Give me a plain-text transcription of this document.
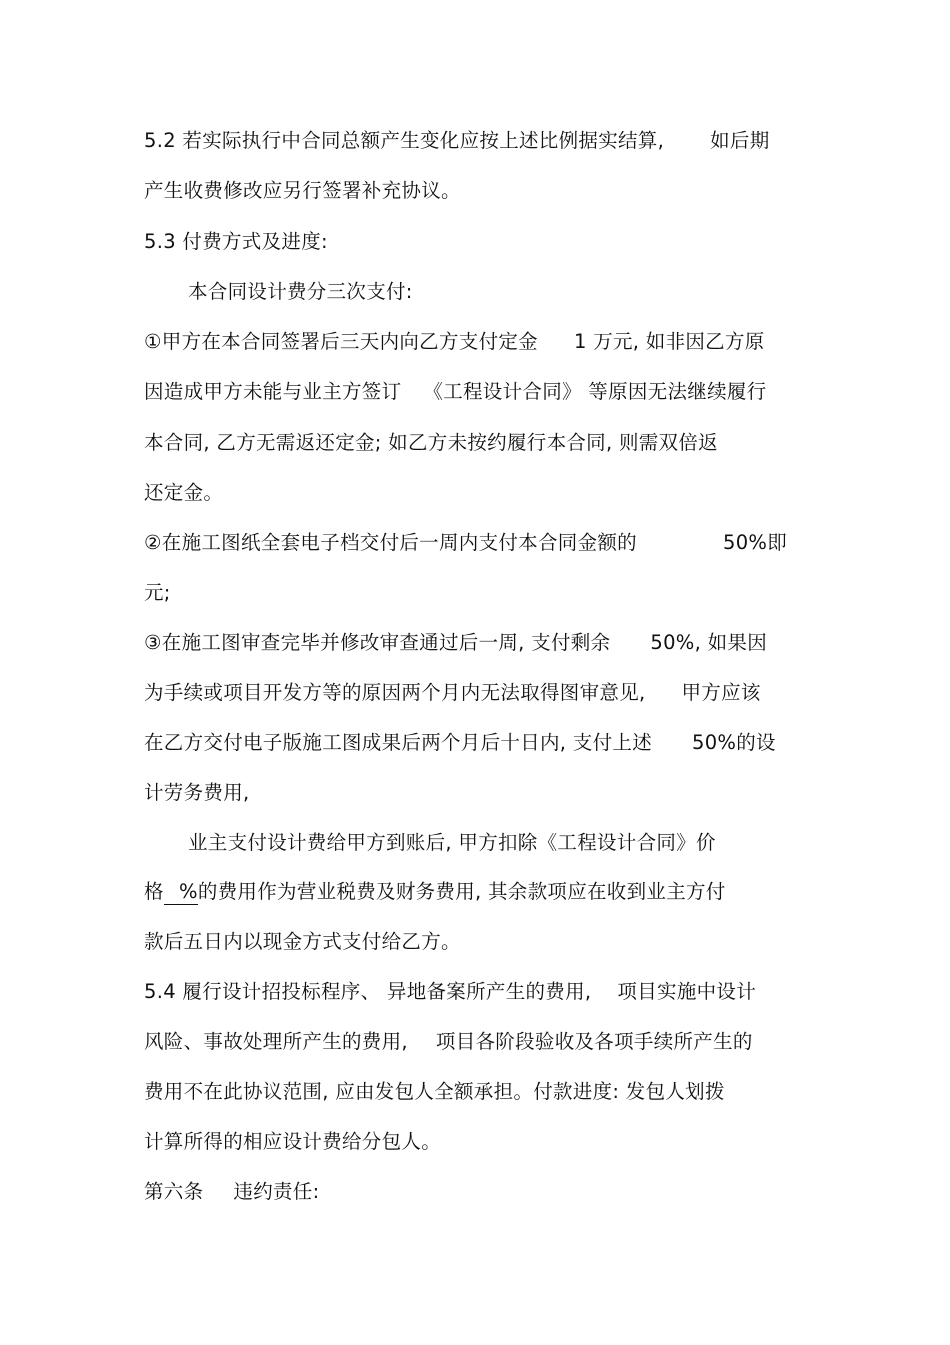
5.2 若实际执行中合同总额产生变化应按上述比例据实结算, 如后期
产生收费修改应另行签署补充协议。
5.3 付费方式及进度:
本合同设计费分三次支付:
①甲方在本合同签署后三天内向乙方支付定金 1 万元, 如非因乙方原
因造成甲方未能与业主方签订 《工程设计合同》 等原因无法继续履行
本合同, 乙方无需返还定金; 如乙方未按约履行本合同, 则需双倍返
还定金。
②在施工图纸全套电子档交付后一周内支付本合同金额的	50%即
元;
③在施工图审查完毕并修改审查通过后一周, 支付剩余 50%, 如果因
为手续或项目开发方等的原因两个月内无法取得图审意见, 甲方应该
在乙方交付电子版施工图成果后两个月后十日内, 支付上述 50%的设
计劳务费用,
业主支付设计费给甲方到账后, 甲方扣除《工程设计合同》价
格 %的费用作为营业税费及财务费用, 其余款项应在收到业主方付
款后五日内以现金方式支付给乙方。
5.4 履行设计招投标程序、 异地备案所产生的费用, 项目实施中设计
风险、事故处理所产生的费用, 项目各阶段验收及各项手续所产生的
费用不在此协议范围, 应由发包人全额承担。付款进度: 发包人划拨
计算所得的相应设计费给分包人。
第六条 违约责任:
